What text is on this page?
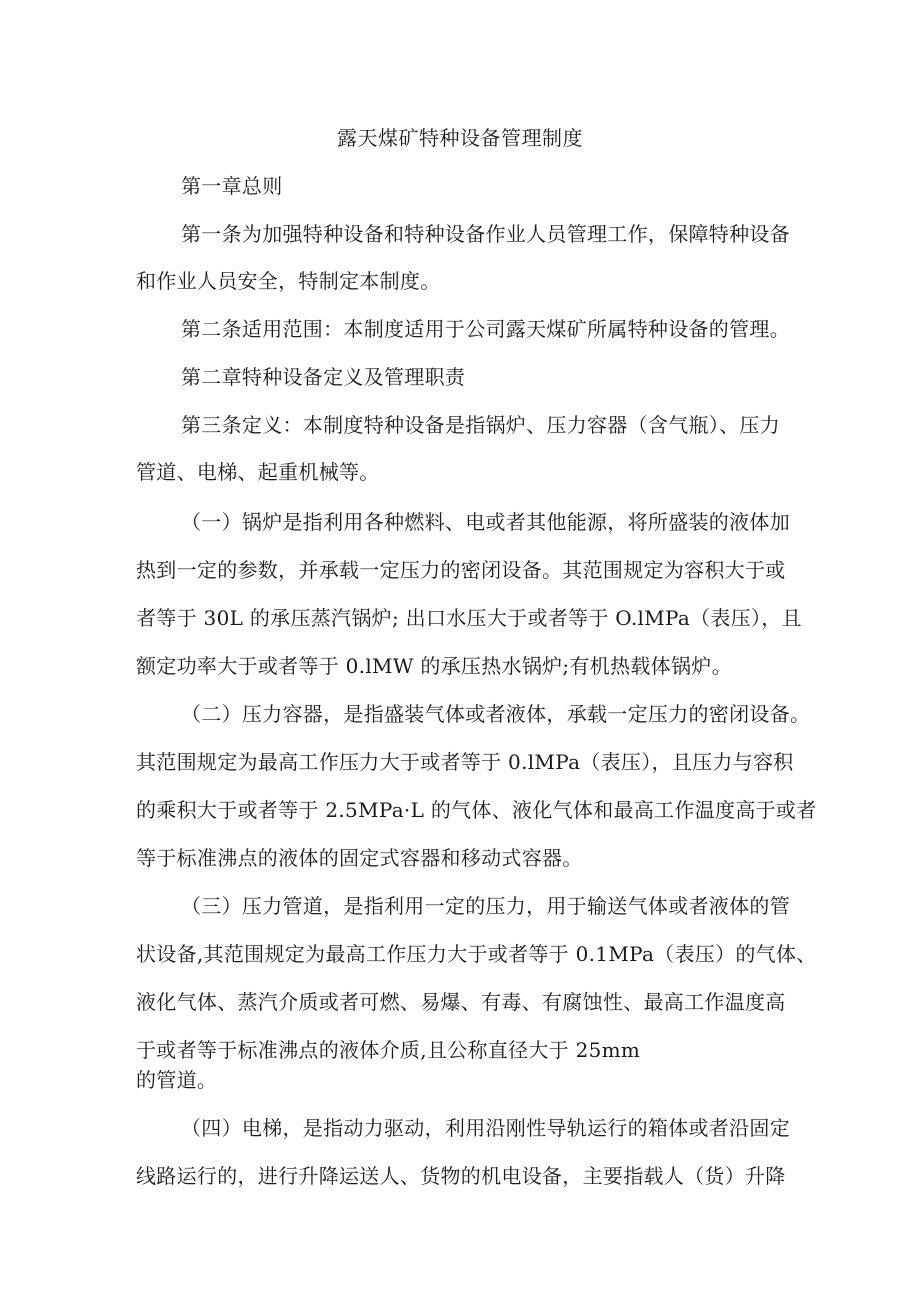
露天煤矿特种设备管理制度
第一章总则
第一条为加强特种设备和特种设备作业人员管理工作，保障特种设备
和作业人员安全，特制定本制度。
第二条适用范围：本制度适用于公司露天煤矿所属特种设备的管理。
第二章特种设备定义及管理职责
第三条定义：本制度特种设备是指锅炉、压力容器（含气瓶）、压力
管道、电梯、起重机械等。
（一）锅炉是指利用各种燃料、电或者其他能源，将所盛装的液体加
热到一定的参数，并承载一定压力的密闭设备。其范围规定为容积大于或
者等于 30L 的承压蒸汽锅炉; 出口水压大于或者等于 O.lMPa（表压），且
额定功率大于或者等于 0.lMW 的承压热水锅炉;有机热载体锅炉。
（二）压力容器，是指盛装气体或者液体，承载一定压力的密闭设备。
其范围规定为最高工作压力大于或者等于 0.lMPa（表压），且压力与容积
的乘积大于或者等于 2.5MPa·L 的气体、液化气体和最高工作温度高于或者
等于标准沸点的液体的固定式容器和移动式容器。
（三）压力管道，是指利用一定的压力，用于输送气体或者液体的管
状设备,其范围规定为最高工作压力大于或者等于 0.1MPa（表压）的气体、
液化气体、蒸汽介质或者可燃、易爆、有毒、有腐蚀性、最高工作温度高
于或者等于标准沸点的液体介质,且公称直径大于 25mm
的管道。
（四）电梯，是指动力驱动，利用沿刚性导轨运行的箱体或者沿固定
线路运行的，进行升降运送人、货物的机电设备，主要指载人（货）升降
